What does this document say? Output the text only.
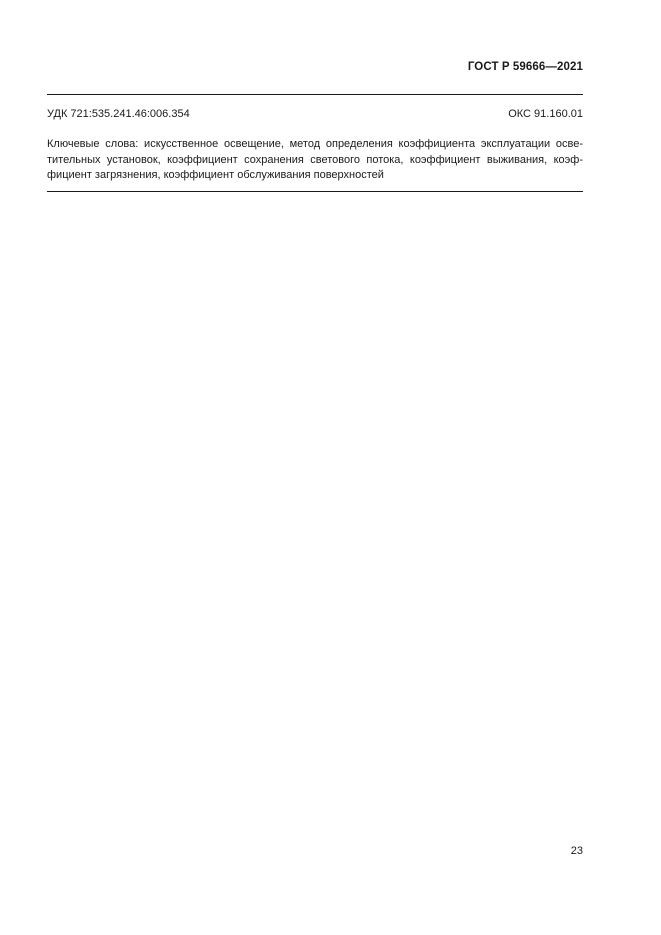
ГОСТ Р 59666—2021
УДК 721:535.241.46:006.354	ОКС 91.160.01
Ключевые слова: искусственное освещение, метод определения коэффициента эксплуатации осве-
тительных установок, коэффициент сохранения светового потока, коэффициент выживания, коэф-
фициент загрязнения, коэффициент обслуживания поверхностей
23
